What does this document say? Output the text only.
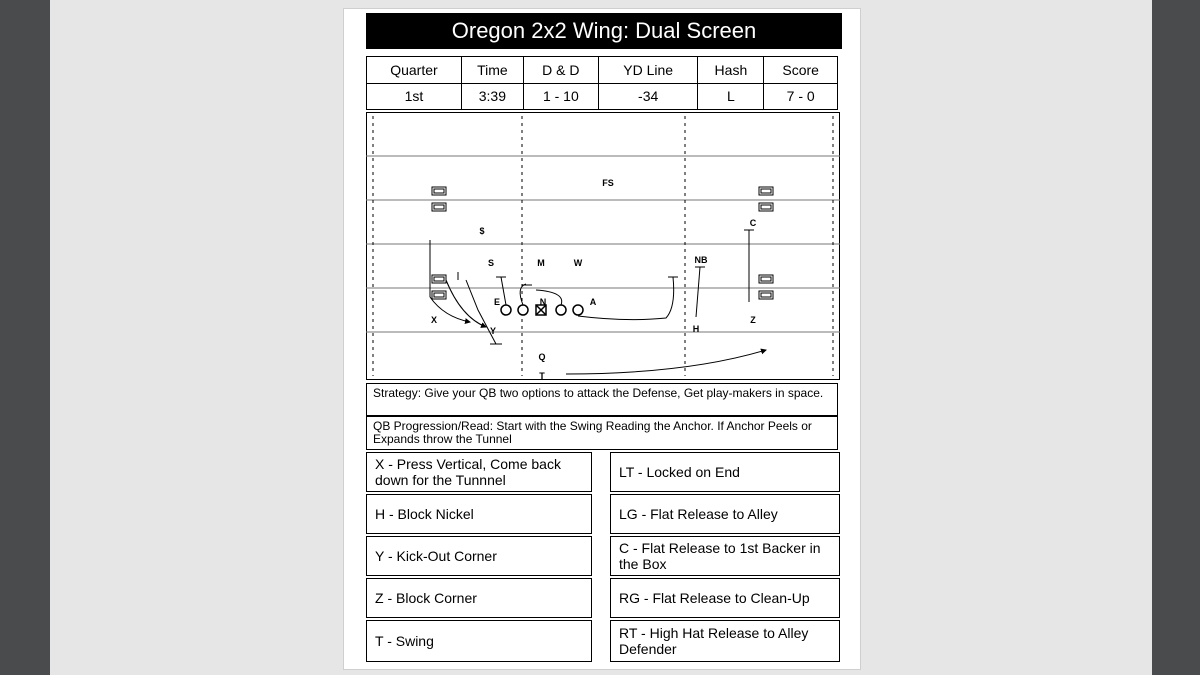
Oregon 2x2 Wing: Dual Screen
Quarter	Time	D & D	YD Line	Hash	Score
1st	3:39	1 - 10	-34	L	7 - 0
FS
$
S	M	W	NB
C
E	N	A
X
Y	H
Z
Q
T
Strategy: Give your QB two options to attack the Defense, Get play-makers in space.
QB Progression/Read: Start with the Swing Reading the Anchor. If Anchor Peels or Expands throw the Tunnel
X - Press Vertical, Come back down for the Tunnnel
H - Block Nickel
Y - Kick-Out Corner
Z - Block Corner
T - Swing
LT - Locked on End
LG - Flat Release to Alley
C - Flat Release to 1st Backer in the Box
RG - Flat Release to Clean-Up
RT - High Hat Release to Alley Defender
